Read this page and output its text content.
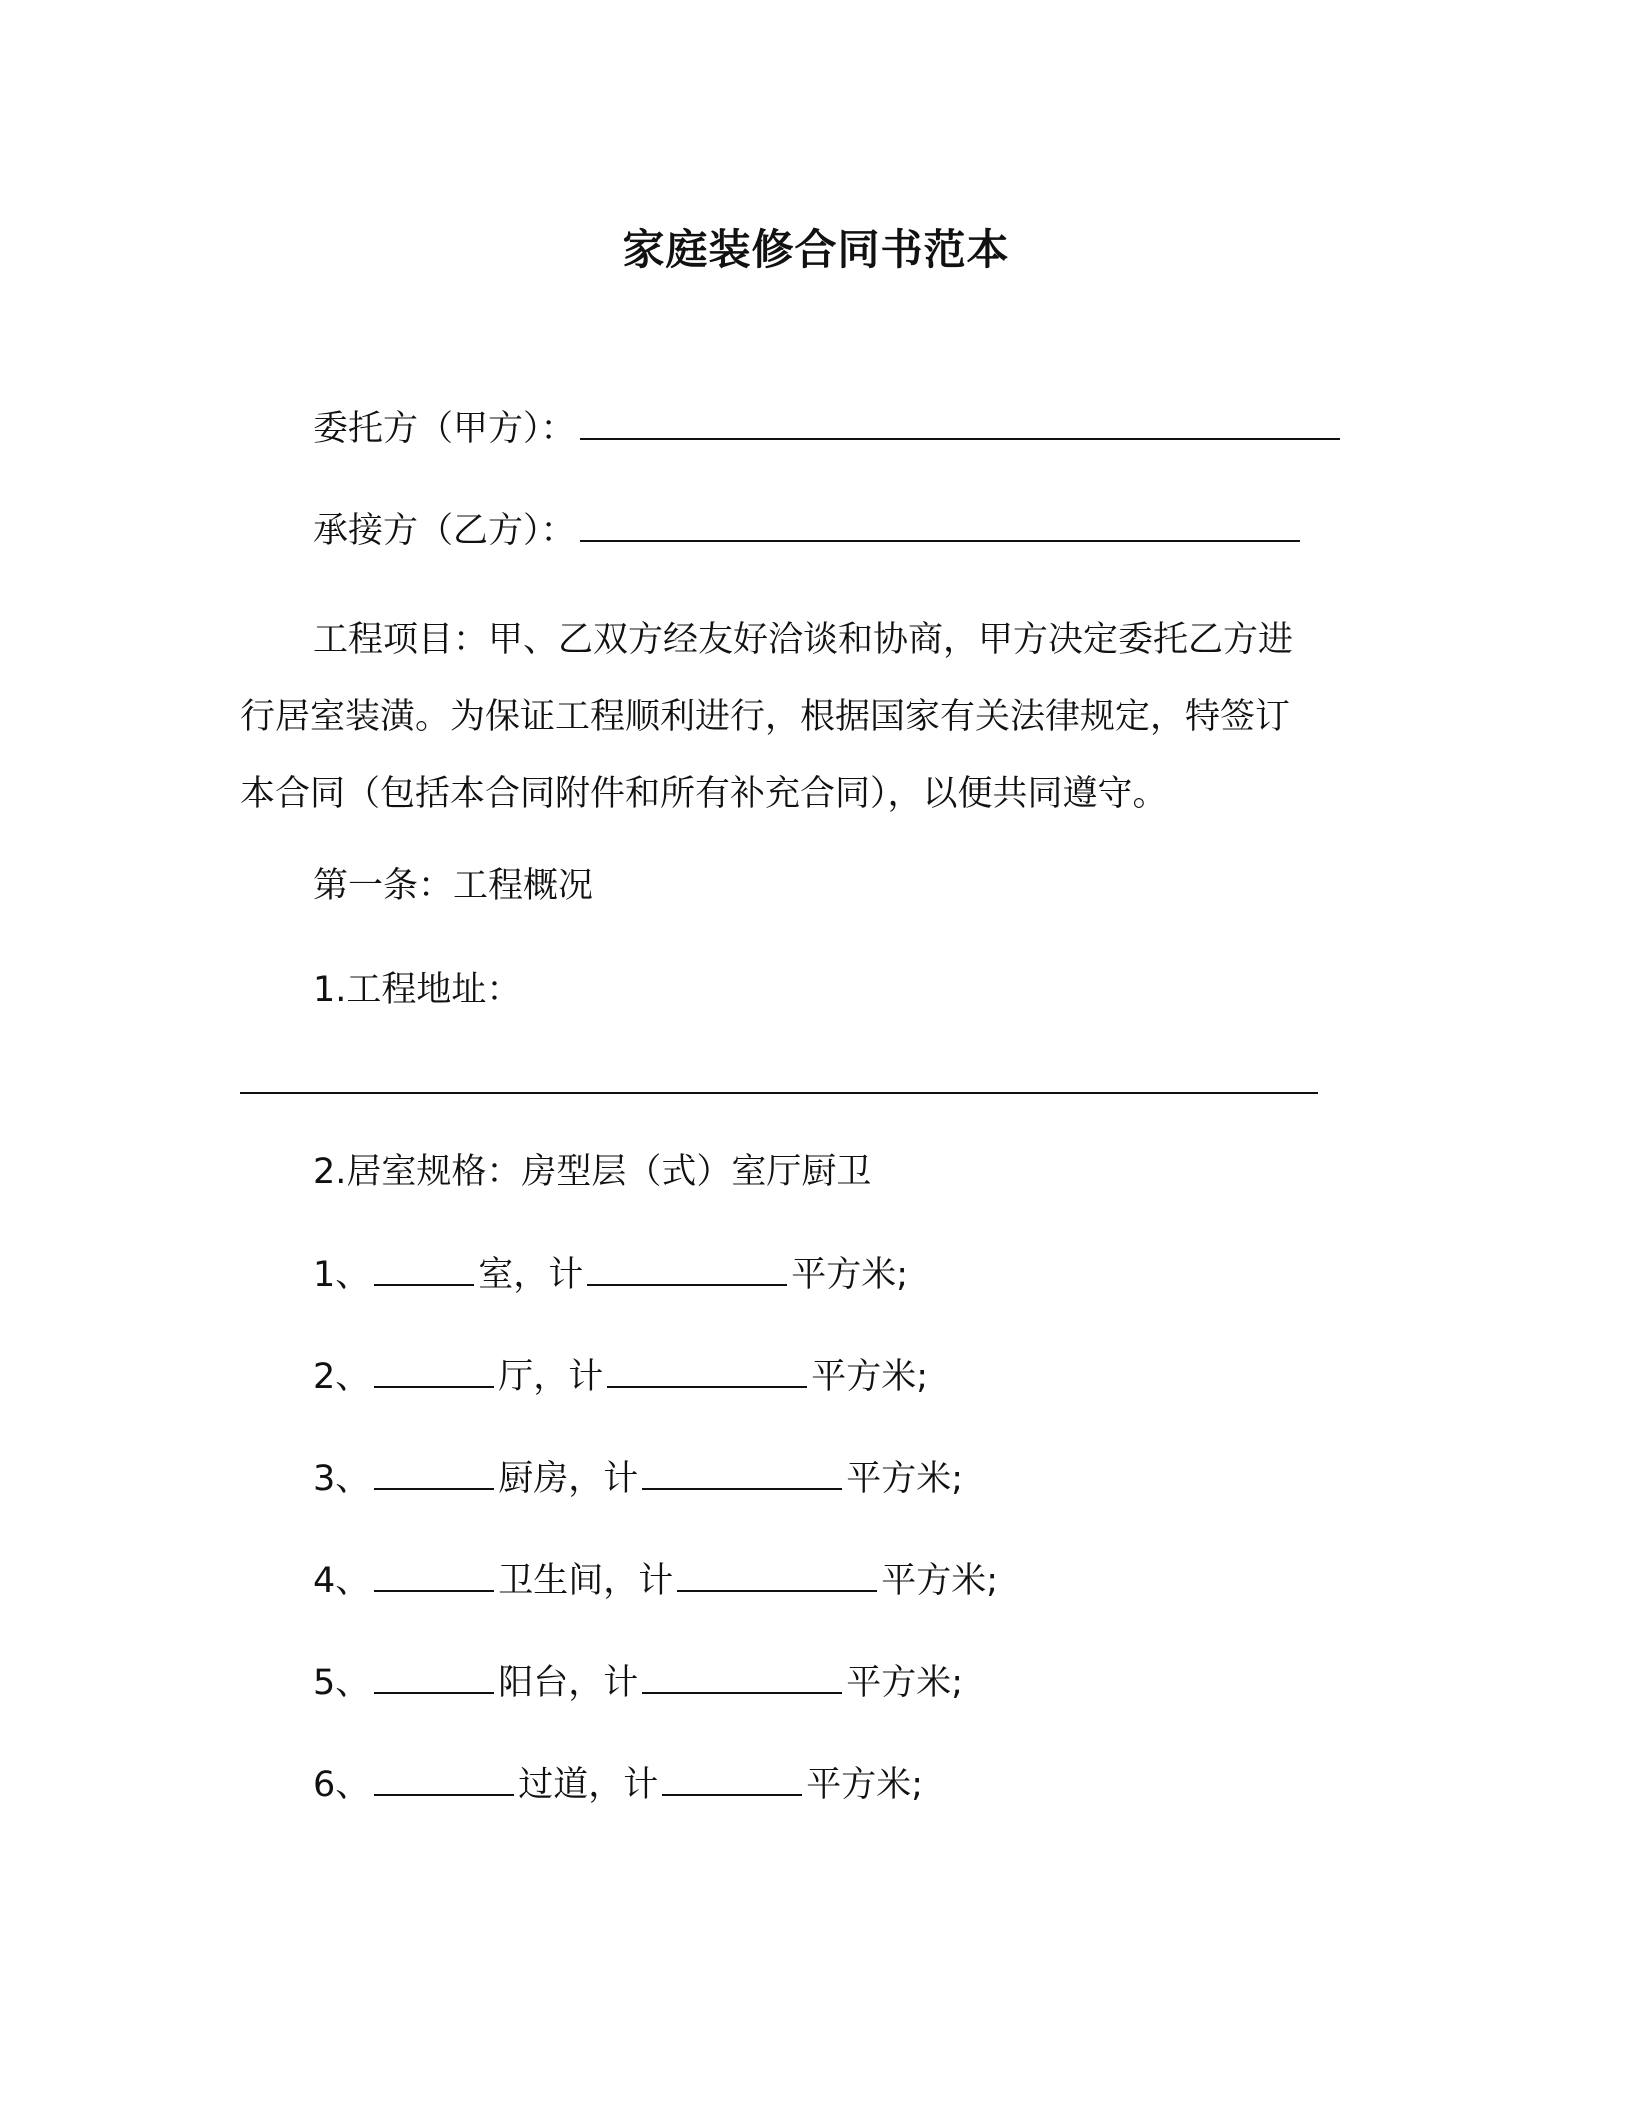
家庭装修合同书范本
委托方（甲方）：
承接方（乙方）：
工程项目：甲、乙双方经友好洽谈和协商，甲方决定委托乙方进
行居室装潢。为保证工程顺利进行，根据国家有关法律规定，特签订
本合同（包括本合同附件和所有补充合同），以便共同遵守。
第一条：工程概况
1.工程地址：
2.居室规格：房型层（式）室厅厨卫
1、	室，计	平方米;
2、	厅，计	平方米;
3、	厨房，计	平方米;
4、	卫生间，计	平方米;
5、	阳台，计	平方米;
6、	过道，计	平方米;
